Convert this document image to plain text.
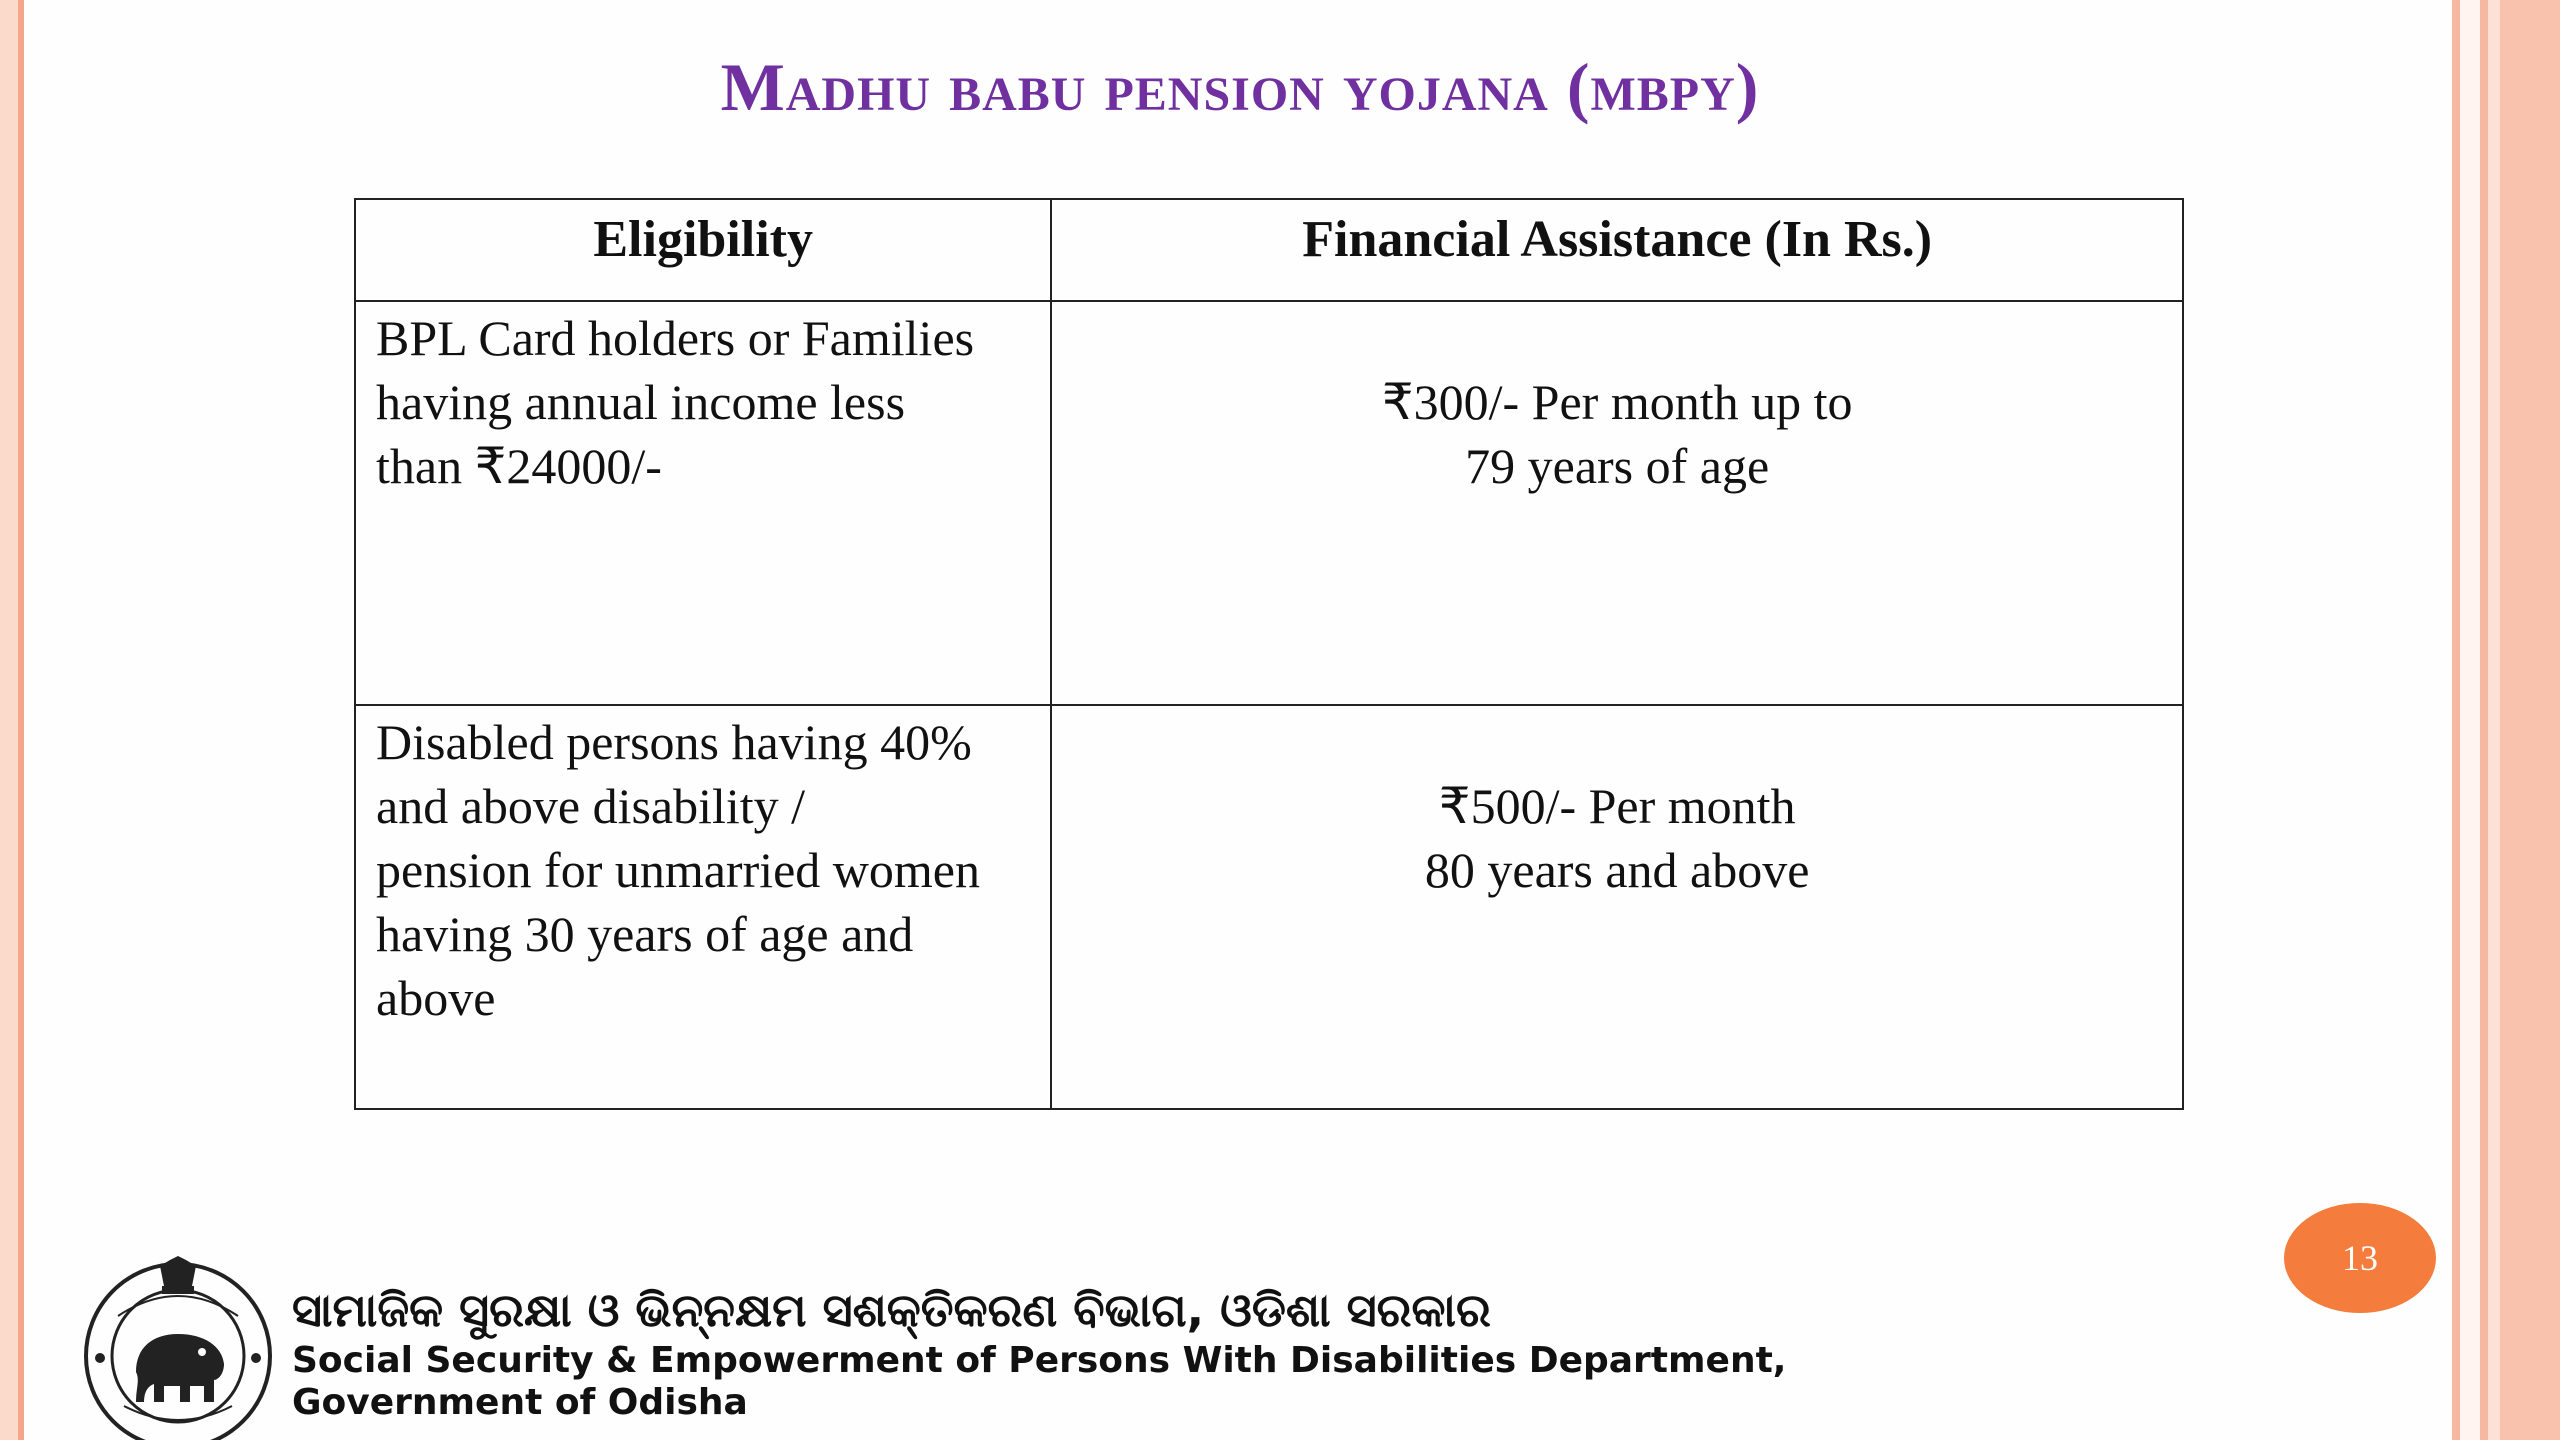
Madhu babu pension yojana (mbpy)
Eligibility	Financial Assistance (In Rs.)

BPL Card holders or Families
having annual income less
than ₹24000/-	₹300/- Per month up to
79 years of age

Disabled persons having 40%
and above disability /
pension for unmarried women
having 30 years of age and
above	₹500/- Per month
80 years and above
13
ସାମାଜିକ ସୁରକ୍ଷା ଓ ଭିନ୍ନକ୍ଷମ ସଶକ୍ତିକରଣ ବିଭାଗ, ଓଡିଶା ସରକାର
Social Security & Empowerment of Persons With Disabilities Department,
Government of Odisha
